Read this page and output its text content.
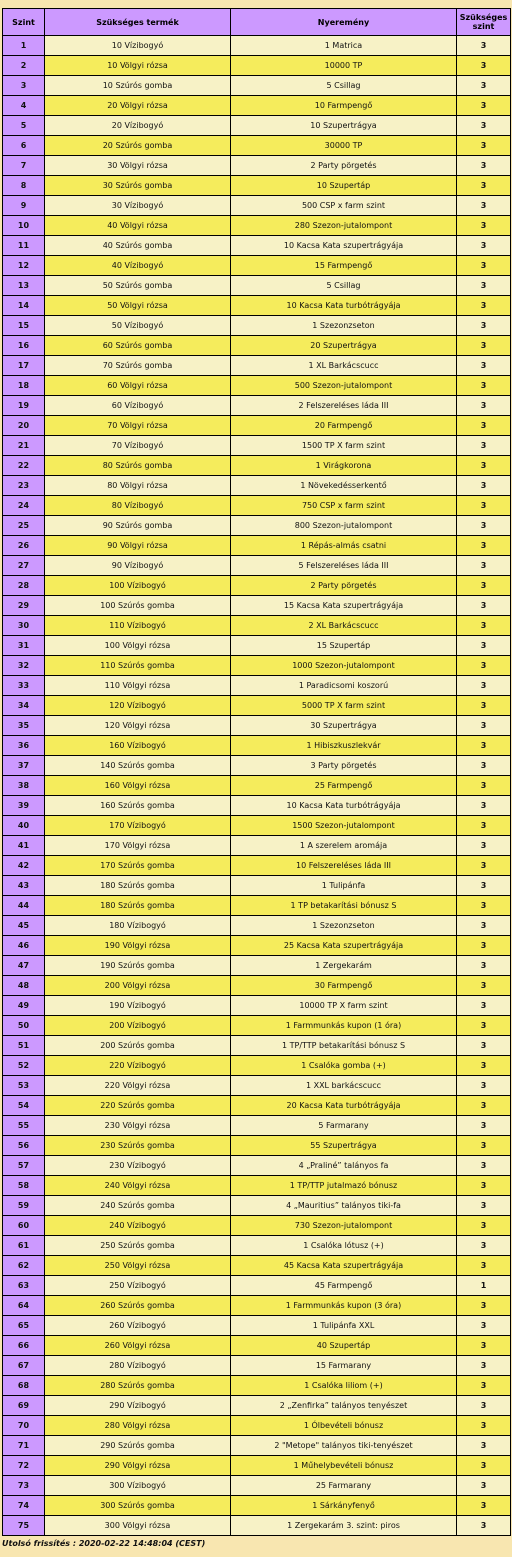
Szint	Szükséges termék	Nyeremény	Szükséges szint
1	10 Vízibogyó	1 Matrica	3
2	10 Völgyi rózsa	10000 TP	3
3	10 Szúrós gomba	5 Csillag	3
4	20 Völgyi rózsa	10 Farmpengő	3
5	20 Vízibogyó	10 Szupertrágya	3
6	20 Szúrós gomba	30000 TP	3
7	30 Völgyi rózsa	2 Party pörgetés	3
8	30 Szúrós gomba	10 Szupertáp	3
9	30 Vízibogyó	500 CSP x farm szint	3
10	40 Völgyi rózsa	280 Szezon-jutalompont	3
11	40 Szúrós gomba	10 Kacsa Kata szupertrágyája	3
12	40 Vízibogyó	15 Farmpengő	3
13	50 Szúrós gomba	5 Csillag	3
14	50 Völgyi rózsa	10 Kacsa Kata turbótrágyája	3
15	50 Vízibogyó	1 Szezonzseton	3
16	60 Szúrós gomba	20 Szupertrágya	3
17	70 Szúrós gomba	1 XL Barkácscucc	3
18	60 Völgyi rózsa	500 Szezon-jutalompont	3
19	60 Vízibogyó	2 Felszereléses láda III	3
20	70 Völgyi rózsa	20 Farmpengő	3
21	70 Vízibogyó	1500 TP X farm szint	3
22	80 Szúrós gomba	1 Virágkorona	3
23	80 Völgyi rózsa	1 Növekedésserkentő	3
24	80 Vízibogyó	750 CSP x farm szint	3
25	90 Szúrós gomba	800 Szezon-jutalompont	3
26	90 Völgyi rózsa	1 Répás-almás csatni	3
27	90 Vízibogyó	5 Felszereléses láda III	3
28	100 Vízibogyó	2 Party pörgetés	3
29	100 Szúrós gomba	15 Kacsa Kata szupertrágyája	3
30	110 Vízibogyó	2 XL Barkácscucc	3
31	100 Völgyi rózsa	15 Szupertáp	3
32	110 Szúrós gomba	1000 Szezon-jutalompont	3
33	110 Völgyi rózsa	1 Paradicsomi koszorú	3
34	120 Vízibogyó	5000 TP X farm szint	3
35	120 Völgyi rózsa	30 Szupertrágya	3
36	160 Vízibogyó	1 Hibiszkuszlekvár	3
37	140 Szúrós gomba	3 Party pörgetés	3
38	160 Völgyi rózsa	25 Farmpengő	3
39	160 Szúrós gomba	10 Kacsa Kata turbótrágyája	3
40	170 Vízibogyó	1500 Szezon-jutalompont	3
41	170 Völgyi rózsa	1 A szerelem aromája	3
42	170 Szúrós gomba	10 Felszereléses láda III	3
43	180 Szúrós gomba	1 Tulipánfa	3
44	180 Szúrós gomba	1 TP betakarítási bónusz S	3
45	180 Vízibogyó	1 Szezonzseton	3
46	190 Völgyi rózsa	25 Kacsa Kata szupertrágyája	3
47	190 Szúrós gomba	1 Zergekarám	3
48	200 Völgyi rózsa	30 Farmpengő	3
49	190 Vízibogyó	10000 TP X farm szint	3
50	200 Vízibogyó	1 Farmmunkás kupon (1 óra)	3
51	200 Szúrós gomba	1 TP/TTP betakarítási bónusz S	3
52	220 Vízibogyó	1 Csalóka gomba (+)	3
53	220 Völgyi rózsa	1 XXL barkácscucc	3
54	220 Szúrós gomba	20 Kacsa Kata turbótrágyája	3
55	230 Völgyi rózsa	5 Farmarany	3
56	230 Szúrós gomba	55 Szupertrágya	3
57	230 Vízibogyó	4 „Praliné” talányos fa	3
58	240 Völgyi rózsa	1 TP/TTP jutalmazó bónusz	3
59	240 Szúrós gomba	4 „Mauritius” talányos tiki-fa	3
60	240 Vízibogyó	730 Szezon-jutalompont	3
61	250 Szúrós gomba	1 Csalóka lótusz (+)	3
62	250 Völgyi rózsa	45 Kacsa Kata szupertrágyája	3
63	250 Vízibogyó	45 Farmpengő	1
64	260 Szúrós gomba	1 Farmmunkás kupon (3 óra)	3
65	260 Vízibogyó	1 Tulipánfa XXL	3
66	260 Völgyi rózsa	40 Szupertáp	3
67	280 Vízibogyó	15 Farmarany	3
68	280 Szúrós gomba	1 Csalóka liliom (+)	3
69	290 Vízibogyó	2 „Zenfirka” talányos tenyészet	3
70	280 Völgyi rózsa	1 Ólbevételi bónusz	3
71	290 Szúrós gomba	2 "Metope" talányos tiki-tenyészet	3
72	290 Völgyi rózsa	1 Műhelybevételi bónusz	3
73	300 Vízibogyó	25 Farmarany	3
74	300 Szúrós gomba	1 Sárkányfenyő	3
75	300 Völgyi rózsa	1 Zergekarám 3. szint: piros	3
Utolsó frissítés : 2020-02-22 14:48:04 (CEST)
